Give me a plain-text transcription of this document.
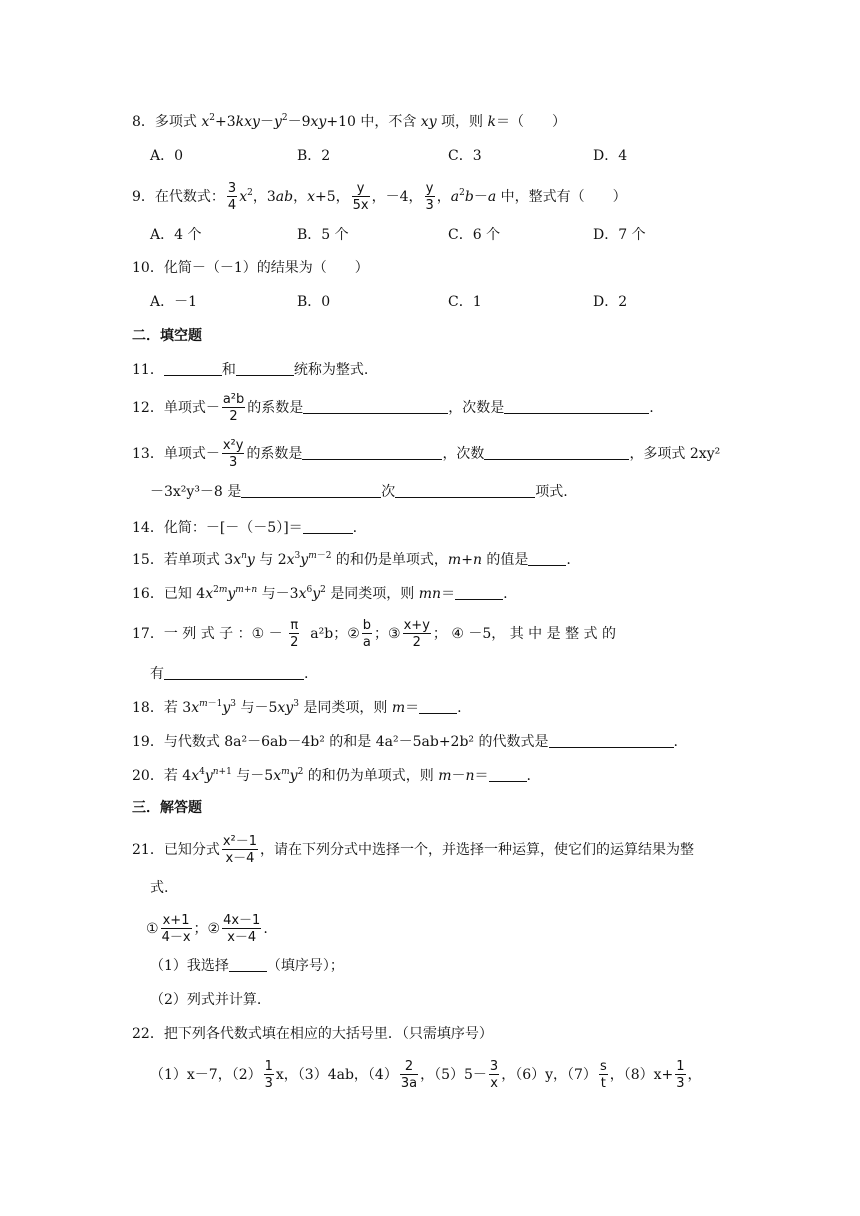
8．多项式 $x^2+3kxy-y^2-9xy+10$ 中，不含 xy 项，则 k＝（　　）
A．0	B．2	C．3	D．4
9．在代数式： $\frac{3}{4} x^2$，3ab，x+5， $\frac{y}{5x}$ ，－4， $\frac{y}{3}$ ，$a^2b-a$ 中，整式有（　　）
A．4 个	B．5 个	C．6 个	D．7 个
10．化简－（－1）的结果为（　　）
A．－1	B．0	C．1	D．2
二．填空题
11．	和	统称为整式.
12．单项式－ $\frac{\text{a²b}}{2}$ 的系数是	，次数是	.
13．单项式－ $\frac{\text{x²y}}{3}$ 的系数是	，次数	，多项式 2xy²
－3x²y³－8 是	次	项式.
14．化简：－[－（－5）]＝	.
15．若单项式 $3x^ny$ 与 $2x^3y^{m-2}$ 的和仍是单项式，m+n 的值是	.
16．已知 $4x^{2m}y^{m+n}$ 与$-3x^6y^2$ 是同类项，则 mn＝	.
17．一 列 式 子 ：① － $\frac{\pi}{2} a^2b$；② $\frac{b}{a}$ ；③ $\frac{x+y}{2}$ ； ④ －5， 其 中 是 整 式 的
有	.
18．若 $3x^{m-1}y^3$ 与$-5xy^3$ 是同类项，则 m＝	.
19．与代数式 8a²－6ab－4b² 的和是 4a²－5ab+2b² 的代数式是	.
20．若 $4x^4y^{n+1}$ 与$-5x^my^2$ 的和仍为单项式，则 m－n＝	.
三．解答题
21．已知分式 $\frac{\text{x²－1}}{x-4}$ ，请在下列分式中选择一个，并选择一种运算，使它们的运算结果为整
式.
① $\frac{x+1}{4-x}$ ；② $\frac{4x-1}{x-4}$ .
（1）我选择	（填序号）；
（2）列式并计算.
22．把下列各代数式填在相应的大括号里．（只需填序号）
（1）x－7，$(2) \frac{1}{3}$ x，（3）4ab，$(4) \frac{2}{3a}$ ，$(5)5- \frac{3}{x}$ ，（6）y，$(7) \frac{s}{t}$ ，$(8)x+ \frac{1}{3}$ ，
